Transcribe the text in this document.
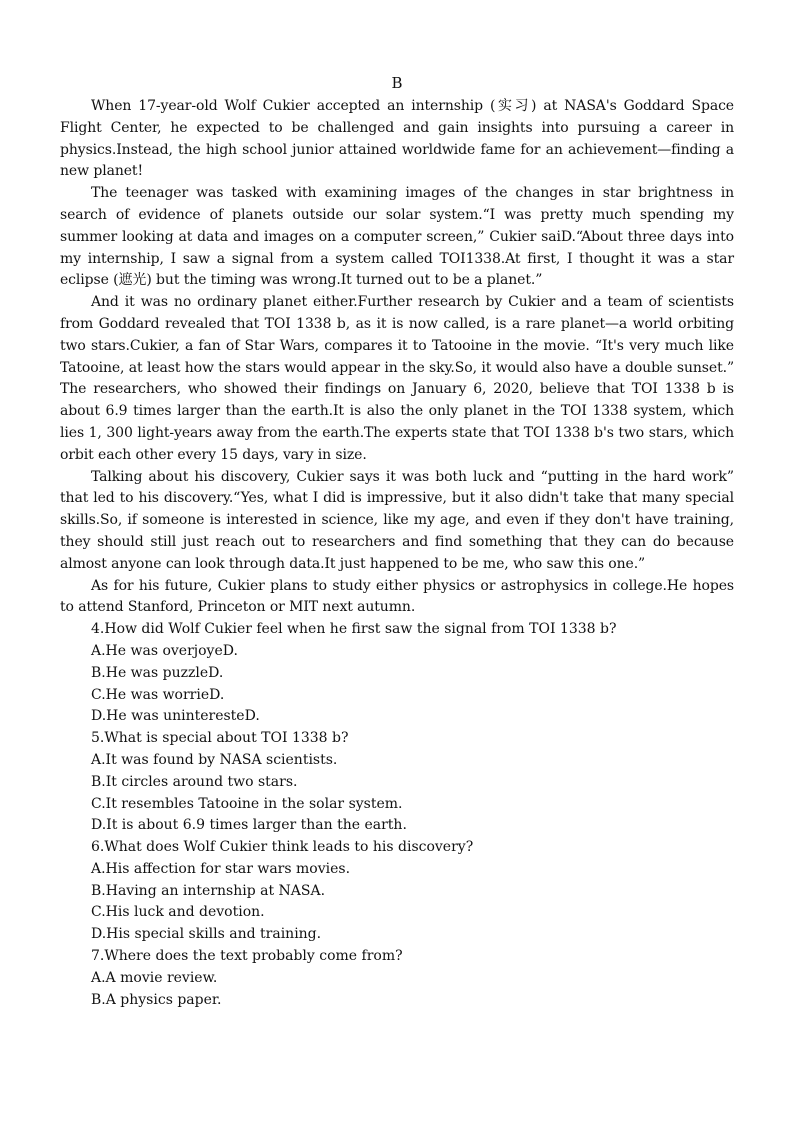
B

When 17-year-old Wolf Cukier accepted an internship (实习) at NASA's Goddard Space Flight Center, he expected to be challenged and gain insights into pursuing a career in physics.Instead, the high school junior attained worldwide fame for an achievement—finding a new planet!

The teenager was tasked with examining images of the changes in star brightness in search of evidence of planets outside our solar system.“I was pretty much spending my summer looking at data and images on a computer screen,” Cukier saiD.“About three days into my internship, I saw a signal from a system called TOI1338.At first, I thought it was a star eclipse (遮光) but the timing was wrong.It turned out to be a planet.”

And it was no ordinary planet either.Further research by Cukier and a team of scientists from Goddard revealed that TOI 1338 b, as it is now called, is a rare planet—a world orbiting two stars.Cukier, a fan of Star Wars, compares it to Tatooine in the movie. “It's very much like Tatooine, at least how the stars would appear in the sky.So, it would also have a double sunset.” The researchers, who showed their findings on January 6, 2020, believe that TOI 1338 b is about 6.9 times larger than the earth.It is also the only planet in the TOI 1338 system, which lies 1, 300 light-years away from the earth.The experts state that TOI 1338 b's two stars, which orbit each other every 15 days, vary in size.

Talking about his discovery, Cukier says it was both luck and “putting in the hard work” that led to his discovery.“Yes, what I did is impressive, but it also didn't take that many special skills.So, if someone is interested in science, like my age, and even if they don't have training, they should still just reach out to researchers and find something that they can do because almost anyone can look through data.It just happened to be me, who saw this one.”

As for his future, Cukier plans to study either physics or astrophysics in college.He hopes to attend Stanford, Princeton or MIT next autumn.

4.How did Wolf Cukier feel when he first saw the signal from TOI 1338 b?
A.He was overjoyeD.
B.He was puzzleD.
C.He was worrieD.
D.He was uninteresteD.
5.What is special about TOI 1338 b?
A.It was found by NASA scientists.
B.It circles around two stars.
C.It resembles Tatooine in the solar system.
D.It is about 6.9 times larger than the earth.
6.What does Wolf Cukier think leads to his discovery?
A.His affection for star wars movies.
B.Having an internship at NASA.
C.His luck and devotion.
D.His special skills and training.
7.Where does the text probably come from?
A.A movie review.
B.A physics paper.
